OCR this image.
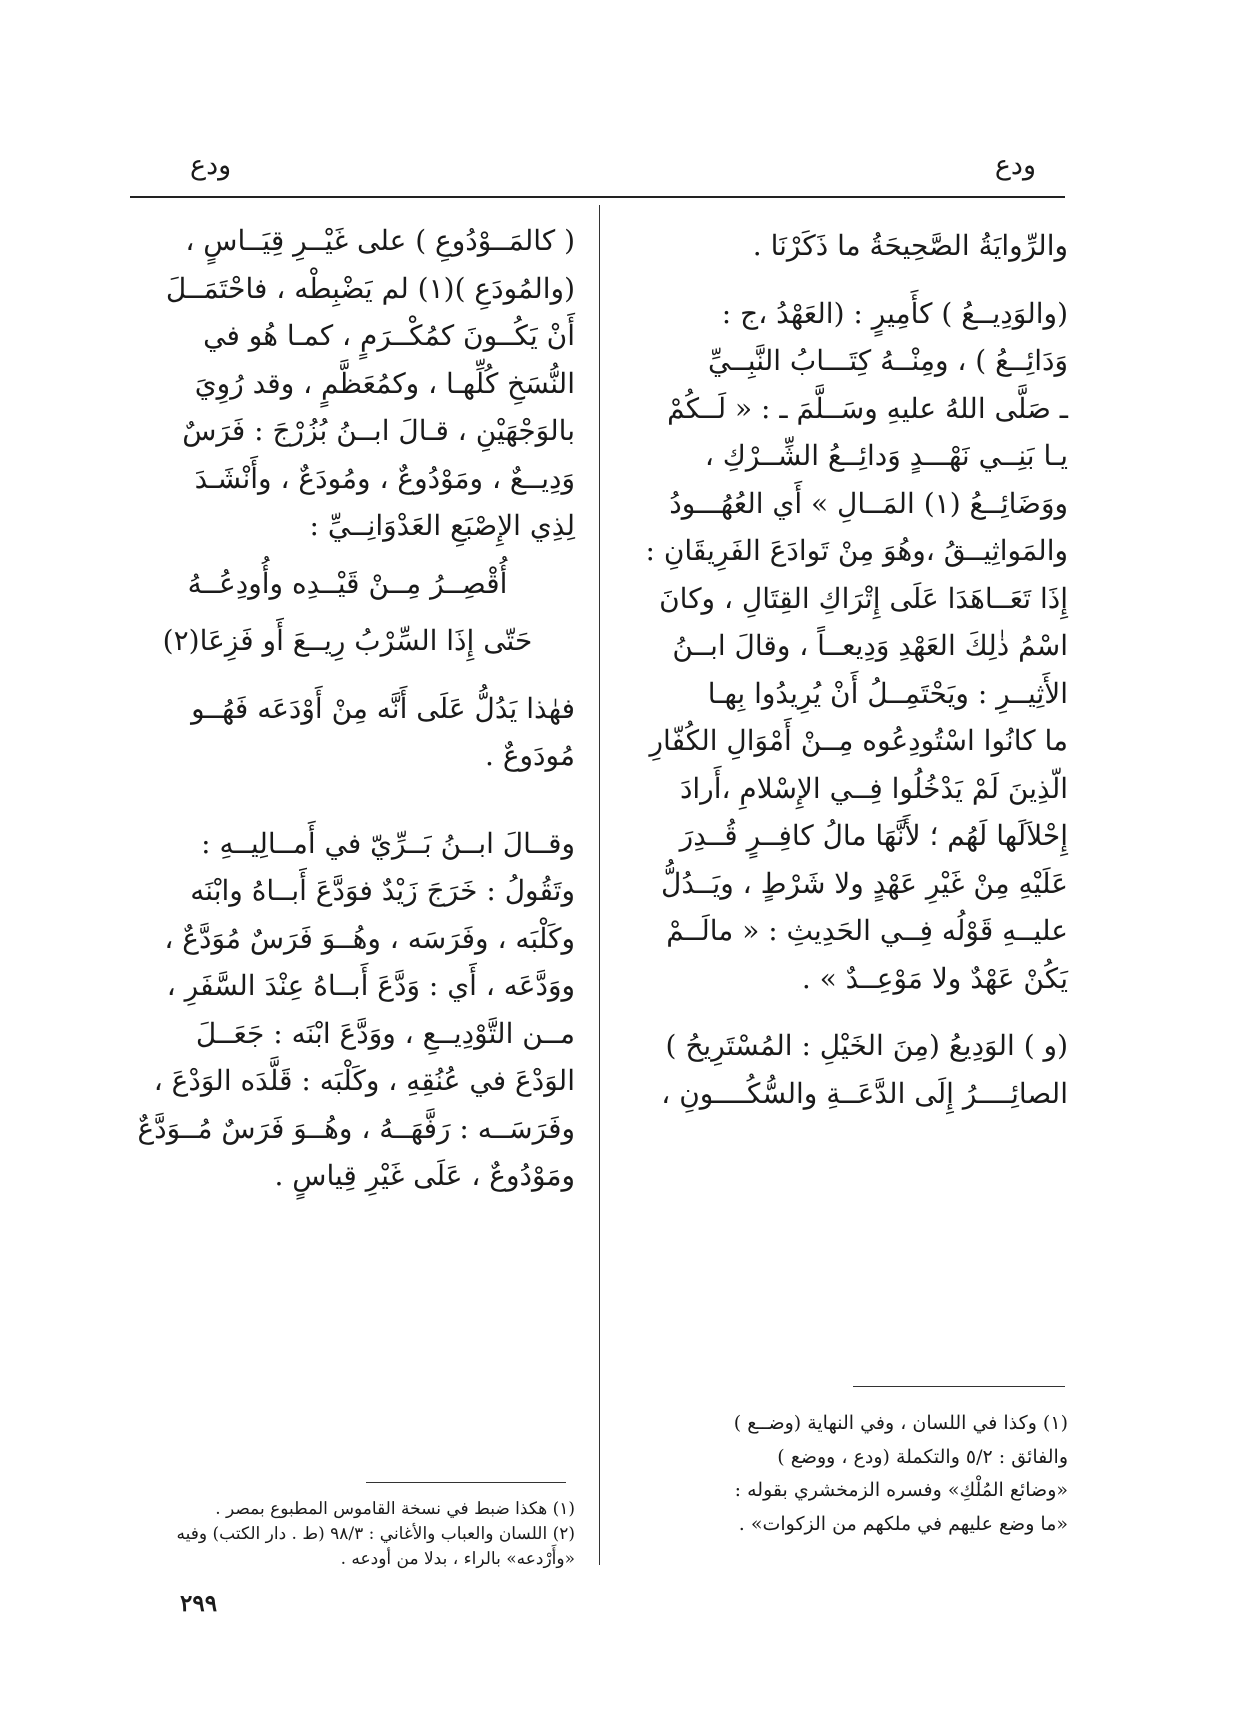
ودع
ودع

والرِّوايَةُ الصَّحِيحَةُ ما ذَكَرْنَا .

(والوَدِيــعُ ) كأَمِيرٍ : (العَهْدُ ،ج :

وَدَائِــعُ ) ، ومِنْــهُ كِتَـــابُ النَّبِــيِّ

ـ صَلَّى اللهُ عليهِ وسَــلَّمَ ـ : « لَــكُمْ

يـا بَنِــي نَهْـــدٍ وَدائِــعُ الشِّــرْكِ ،

ووَضَائِــعُ (١) المَــالِ » أَي العُهُـــودُ

والمَواثِيــقُ ،وهُوَ مِنْ تَوادَعَ الفَرِيقَانِ :

إِذَا تَعَــاهَدَا عَلَى إِتْرَاكِ القِتَالِ ، وكانَ

اسْمُ ذٰلِكَ العَهْدِ وَدِيعــاً ، وقالَ ابــنُ

الأَثِيــرِ : ويَحْتَمِــلُ أَنْ يُرِيدُوا بِهـا

ما كانُوا اسْتُودِعُوه مِــنْ أَمْوَالِ الكُفّارِ

الّذِينَ لَمْ يَدْخُلُوا فِــي الإِسْلامِ ،أَرادَ

إِحْلاَلَها لَهُم ؛ لأَنَّهَا مالُ كافِــرٍ قُــدِرَ

عَلَيْهِ مِنْ غَيْرِ عَهْدٍ ولا شَرْطٍ ، ويَــدُلُّ

عليــهِ قَوْلُه فِــي الحَدِيثِ : « مالَــمْ

يَكُنْ عَهْدٌ ولا مَوْعِــدٌ » .

(و ) الوَدِيعُ (مِنَ الخَيْلِ : المُسْتَرِيحُ )

الصائِــــرُ إِلَى الدَّعَــةِ والسُّكُــــونِ ،

(١) وكذا في اللسان ، وفي النهاية (وضــع )

والفائق : ٥/٢ والتكملة (ودع ، ووضع )

«وضائع المُلْكِ» وفسره الزمخشري بقوله :

«ما وضع عليهم في ملكهم من الزكوات» .

( كالمَــوْدُوعِ ) على غَيْــرِ قِيَــاسٍ ،

(والمُودَعِ )(١) لم يَضْبِطْه ، فاحْتَمَــلَ

أَنْ يَكُــونَ كمُكْــرَمٍ ، كمـا هُو في

النُّسَخِ كُلِّهـا ، وكمُعَظَّمٍ ، وقد رُوِيَ

بالوَجْهَيْنِ ، قـالَ ابــنُ بُزُرْجَ : فَرَسٌ

وَدِيــعٌ ، ومَوْدُوعٌ ، ومُودَعٌ ، وأَنْشَـدَ

لِذِي الإِصْبَعِ العَدْوَانِــيِّ :

أُقْصِــرُ مِــنْ قَيْــدِه وأُودِعُــهُ

حَتّى إِذَا السِّرْبُ رِيــعَ أَو فَزِعَا(٢)

فهٰذا يَدُلُّ عَلَى أَنَّه مِنْ أَوْدَعَه فَهُــو

مُودَوعٌ .

وقــالَ ابــنُ بَــرِّيّ في أَمــالِيــهِ :

وتَقُولُ : خَرَجَ زَيْدٌ فوَدَّعَ أَبــاهُ وابْنَه

وكَلْبَه ، وفَرَسَه ، وهُــوَ فَرَسٌ مُوَدَّعٌ ،

ووَدَّعَه ، أَي : وَدَّعَ أَبــاهُ عِنْدَ السَّفَرِ ،

مــن التَّوْدِيــعِ ، ووَدَّعَ ابْنَه : جَعَــلَ

الوَدْعَ في عُنُقِهِ ، وكَلْبَه : قَلَّدَه الوَدْعَ ،

وفَرَسَــه : رَفَّهَــهُ ، وهُــوَ فَرَسٌ مُــوَدَّعٌ

ومَوْدُوعٌ ، عَلَى غَيْرِ قِياسٍ .

(١) هكذا ضبط في نسخة القاموس المطبوع بمصر .

(٢) اللسان والعباب والأغاني : ٩٨/٣ (ط . دار الكتب) وفيه

«وأَرْدعه» بالراء ، بدلا من أودعه .

٢٩٩
